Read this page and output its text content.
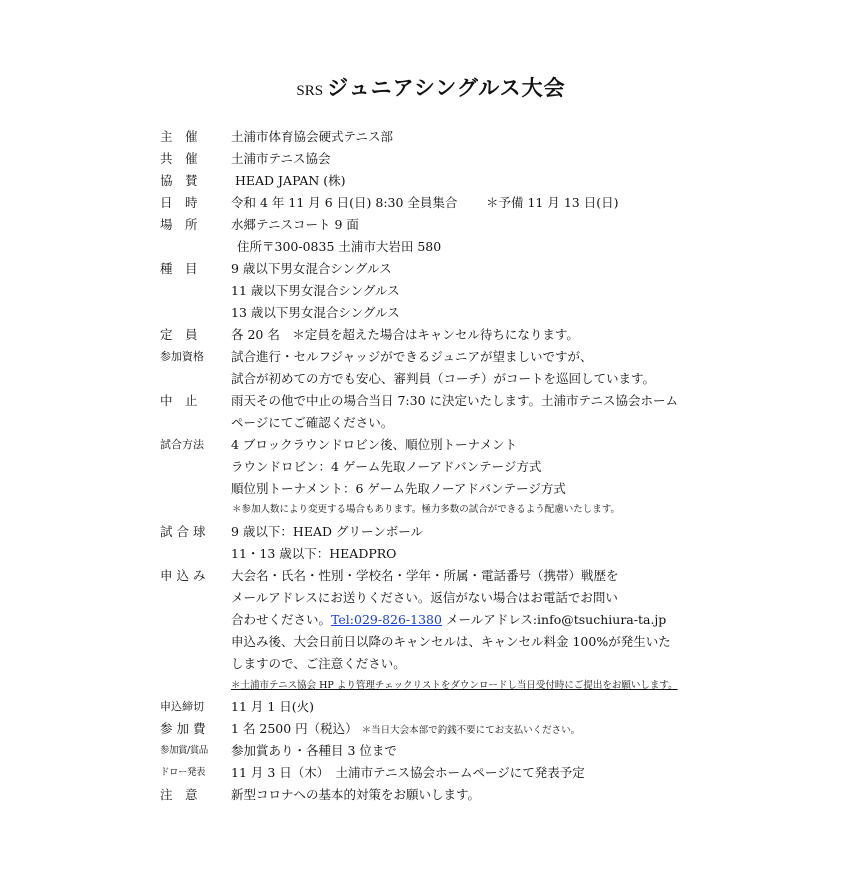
SRS ジュニアシングルス大会
主　催	土浦市体育協会硬式テニス部
共　催	土浦市テニス協会
協　賛	HEAD JAPAN (株)
日　時	令和 4 年 11 月 6 日(日) 8:30 全員集合 ＊予備 11 月 13 日(日)
場　所	水郷テニスコート 9 面
住所〒300-0835 土浦市大岩田 580
種　目	9 歳以下男女混合シングルス
11 歳以下男女混合シングルス
13 歳以下男女混合シングルス
定　員	各 20 名　＊定員を超えた場合はキャンセル待ちになります。
参加資格 試合進行・セルフジャッジができるジュニアが望ましいですが、
試合が初めての方でも安心、審判員（コーチ）がコートを巡回しています。
中　止	雨天その他で中止の場合当日 7:30 に決定いたします。土浦市テニス協会ホーム
ページにてご確認ください。
試合方法 4 ブロックラウンドロビン後、順位別トーナメント
ラウンドロビン：4 ゲーム先取ノーアドバンテージ方式
順位別トーナメント：6 ゲーム先取ノーアドバンテージ方式
＊参加人数により変更する場合もあります。極力多数の試合ができるよう配慮いたします。
試 合 球 9 歳以下：HEAD グリーンボール
11・13 歳以下：HEADPRO
申 込 み 大会名・氏名・性別・学校名・学年・所属・電話番号（携帯）戦歴を
メールアドレスにお送りください。返信がない場合はお電話でお問い
合わせください。Tel:029-826-1380 メールアドレス:info@tsuchiura-ta.jp
申込み後、大会日前日以降のキャンセルは、キャンセル料金 100%が発生いた
しますので、ご注意ください。
＊土浦市テニス協会 HP より管理チェックリストをダウンロードし当日受付時にご提出をお願いします。
申込締切 11 月 1 日(火)
参 加 費 1 名 2500 円（税込） ＊当日大会本部で釣銭不要にてお支払いください。
参加賞/賞品 参加賞あり・各種目 3 位まで
ドロー発表 11 月 3 日（木）　土浦市テニス協会ホームページにて発表予定
注　意	新型コロナへの基本的対策をお願いします。
